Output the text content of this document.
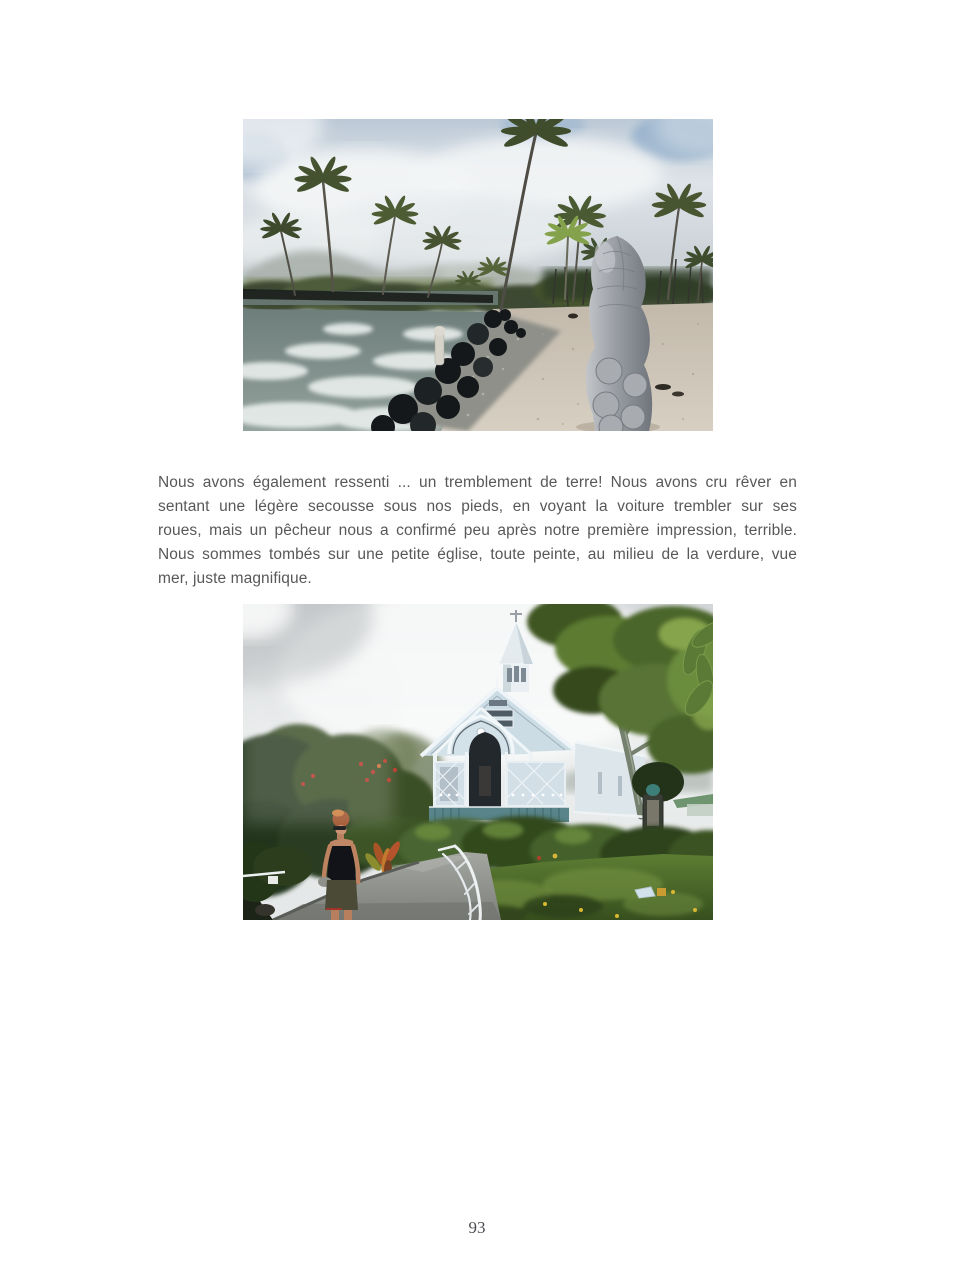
Nous avons également ressenti ... un tremblement de terre! Nous avons cru rêver en
sentant une légère secousse sous nos pieds, en voyant la voiture trembler sur ses
roues, mais un pêcheur nous a confirmé peu après notre première impression, terrible.
Nous sommes tombés sur une petite église, toute peinte, au milieu de la verdure, vue
mer, juste magnifique.
93
